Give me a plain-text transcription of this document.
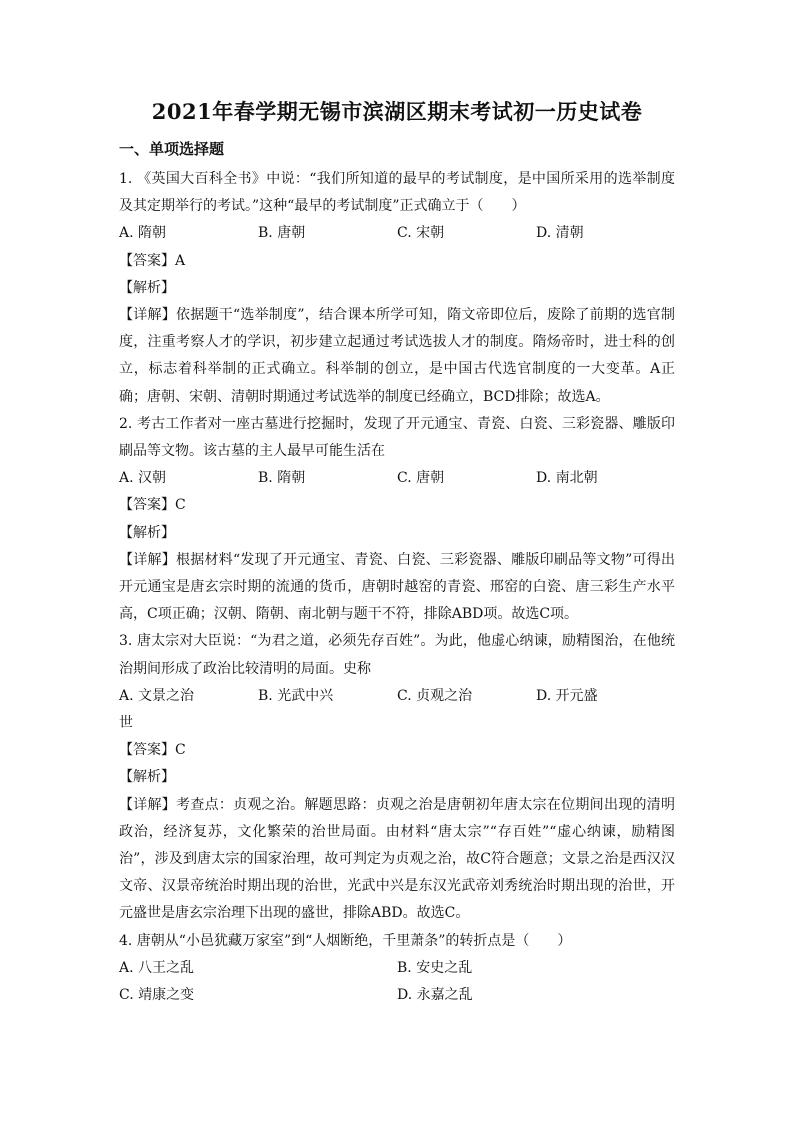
2021年春学期无锡市滨湖区期末考试初一历史试卷
一、单项选择题

1. 《英国大百科全书》中说：“我们所知道的最早的考试制度，是中国所采用的选举制度及其定期举行的考试。”这种“最早的考试制度”正式确立于（　　）

A. 隋朝	B. 唐朝	C. 宋朝	D. 清朝

【答案】A

【解析】

【详解】依据题干“选举制度”，结合课本所学可知，隋文帝即位后，废除了前期的选官制度，注重考察人才的学识，初步建立起通过考试选拔人才的制度。隋炀帝时，进士科的创立，标志着科举制的正式确立。科举制的创立，是中国古代选官制度的一大变革。A正确；唐朝、宋朝、清朝时期通过考试选举的制度已经确立，BCD排除；故选A。

2. 考古工作者对一座古墓进行挖掘时，发现了开元通宝、青瓷、白瓷、三彩瓷器、雕版印刷品等文物。该古墓的主人最早可能生活在

A. 汉朝	B. 隋朝	C. 唐朝	D. 南北朝

【答案】C

【解析】

【详解】根据材料“发现了开元通宝、青瓷、白瓷、三彩瓷器、雕版印刷品等文物”可得出开元通宝是唐玄宗时期的流通的货币，唐朝时越窑的青瓷、邢窑的白瓷、唐三彩生产水平高，C项正确；汉朝、隋朝、南北朝与题干不符，排除ABD项。故选C项。

3. 唐太宗对大臣说：“为君之道，必须先存百姓”。为此，他虚心纳谏，励精图治，在他统治期间形成了政治比较清明的局面。史称

A. 文景之治	B. 光武中兴	C. 贞观之治	D. 开元盛

世

【答案】C

【解析】

【详解】考查点：贞观之治。解题思路：贞观之治是唐朝初年唐太宗在位期间出现的清明政治，经济复苏，文化繁荣的治世局面。由材料“唐太宗”“存百姓”“虚心纳谏，励精图治”，涉及到唐太宗的国家治理，故可判定为贞观之治，故C符合题意；文景之治是西汉汉文帝、汉景帝统治时期出现的治世，光武中兴是东汉光武帝刘秀统治时期出现的治世，开元盛世是唐玄宗治理下出现的盛世，排除ABD。故选C。

4. 唐朝从“小邑犹藏万家室”到“人烟断绝，千里萧条”的转折点是（　　）

A. 八王之乱	B. 安史之乱
C. 靖康之变	D. 永嘉之乱
